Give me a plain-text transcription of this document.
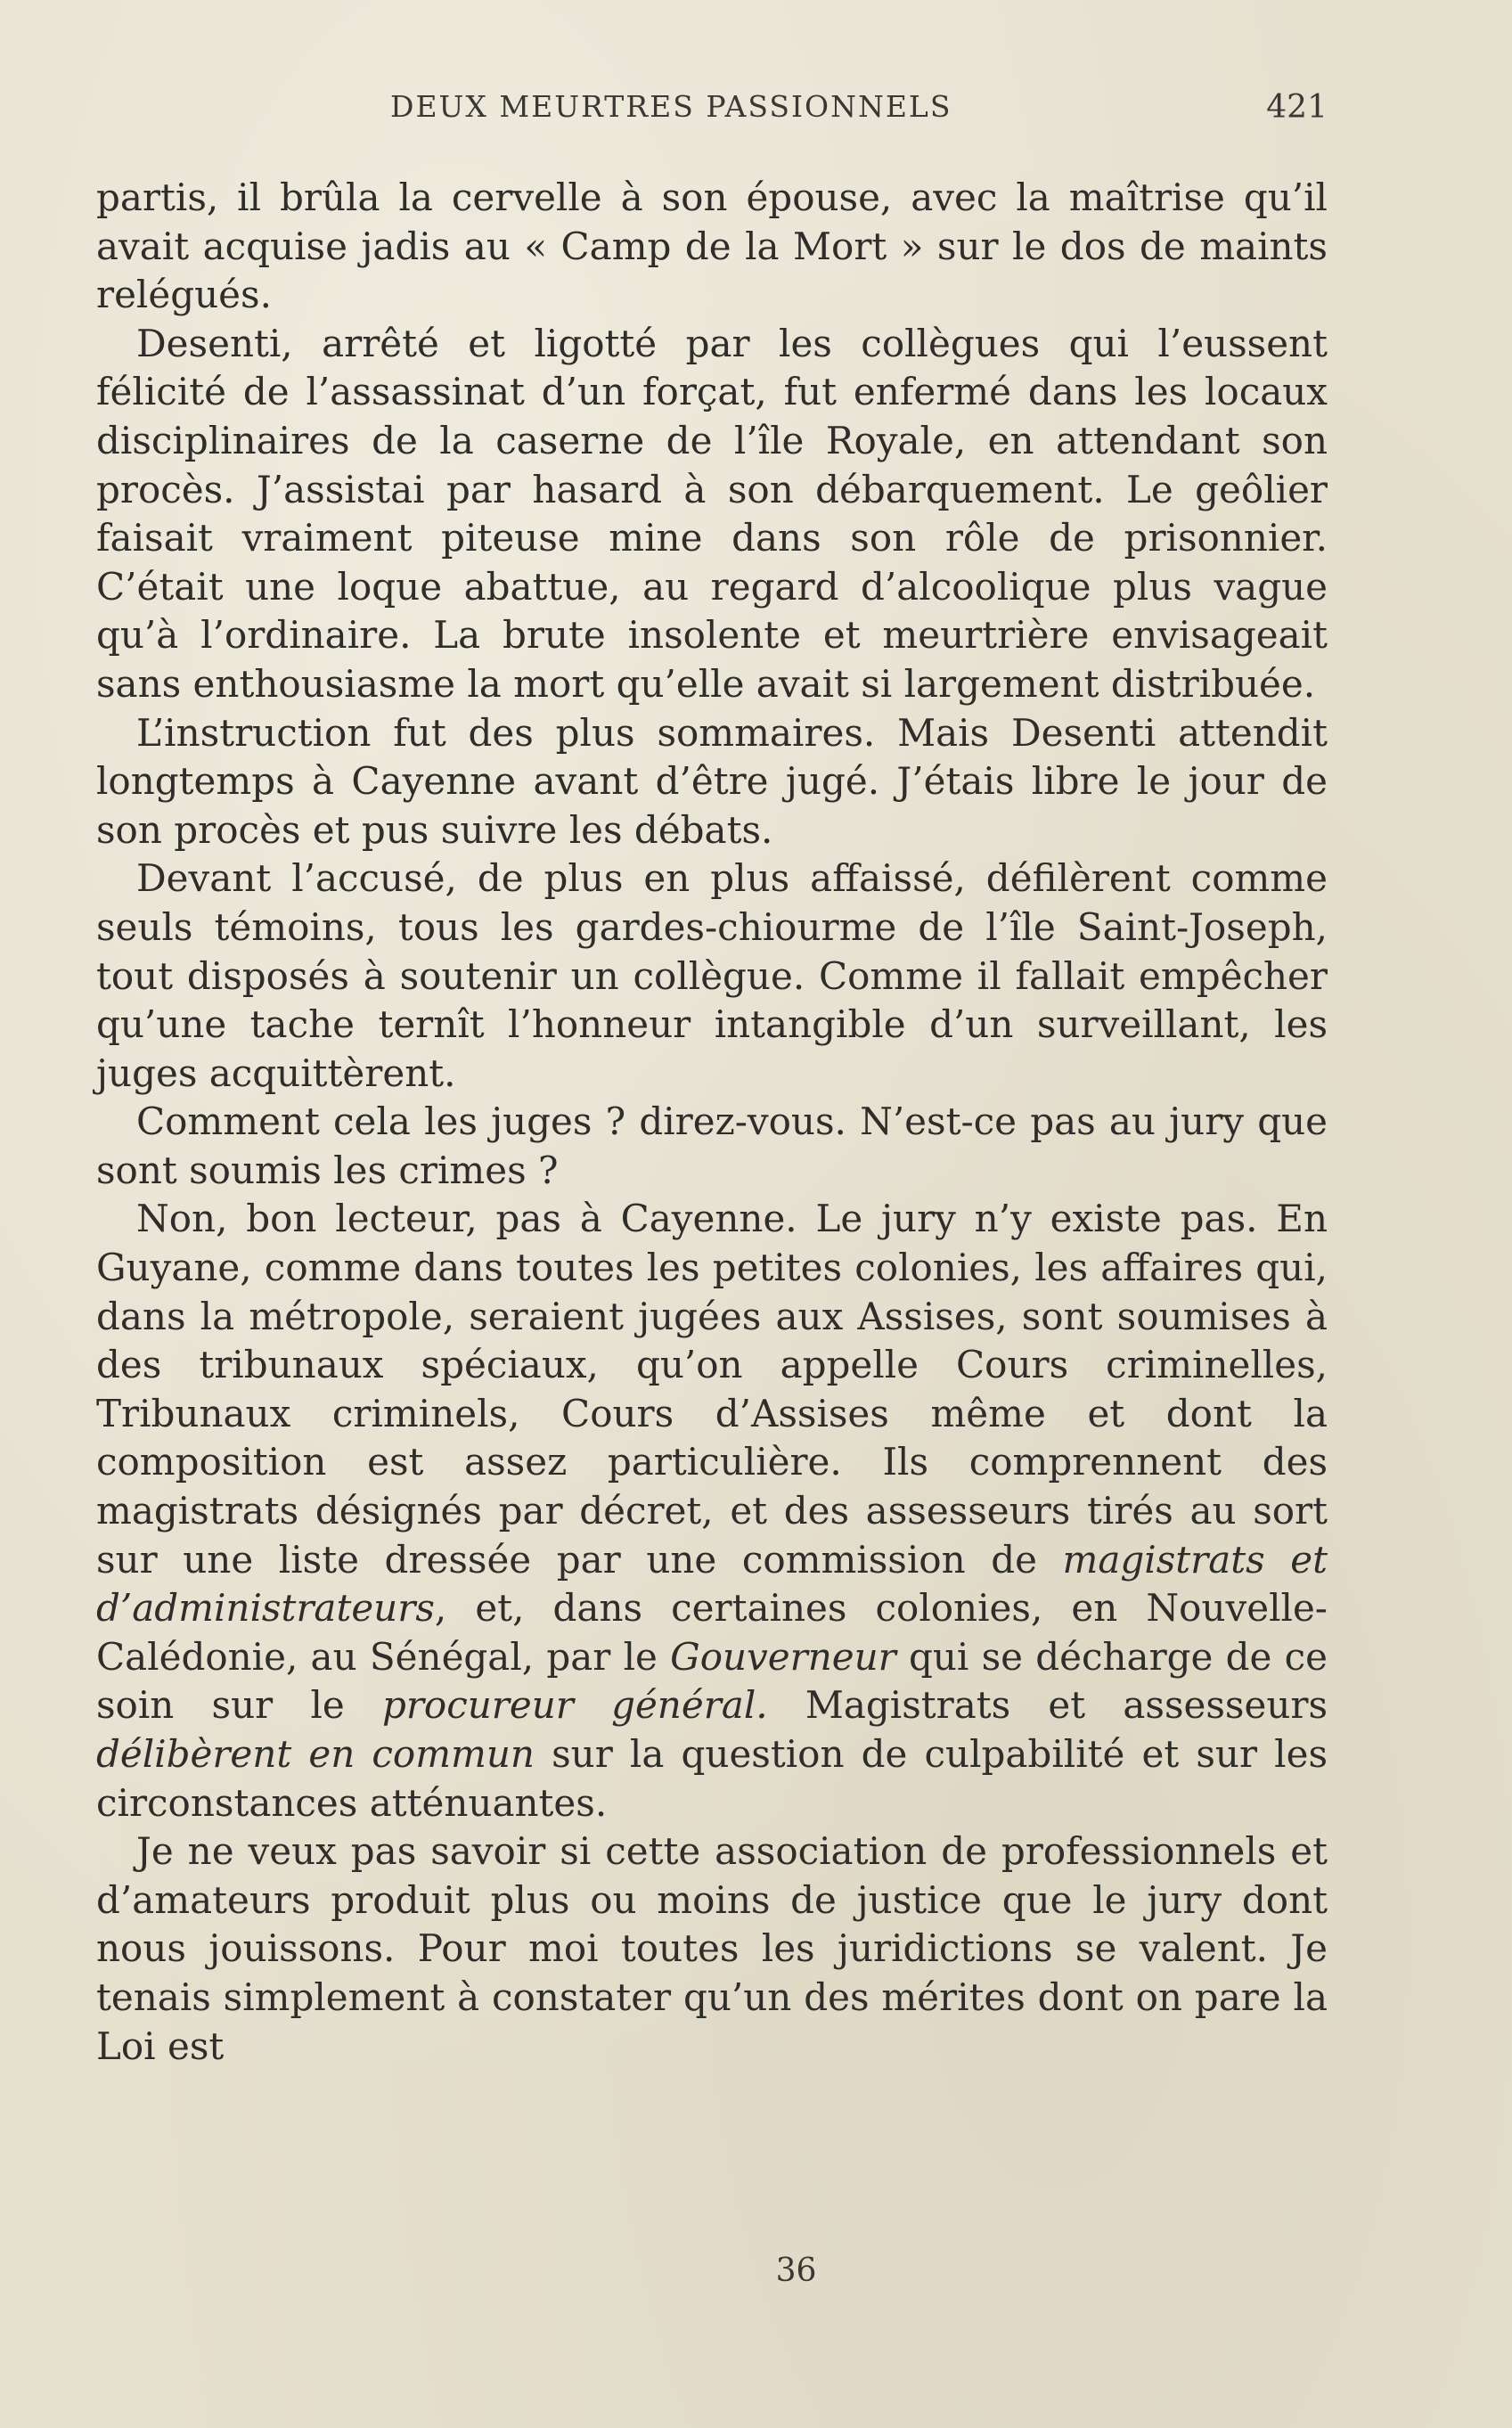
DEUX MEURTRES PASSIONNELS	421

partis, il brûla la cervelle à son épouse, avec la maîtrise qu’il avait acquise jadis au « Camp de la Mort » sur le dos de maints relégués.

Desenti, arrêté et ligotté par les collègues qui l’eussent félicité de l’assassinat d’un forçat, fut enfermé dans les locaux disciplinaires de la caserne de l’île Royale, en attendant son procès. J’assistai par hasard à son débarquement. Le geôlier faisait vraiment piteuse mine dans son rôle de prisonnier. C’était une loque abattue, au regard d’alcoolique plus vague qu’à l’ordinaire. La brute insolente et meurtrière envisageait sans enthousiasme la mort qu’elle avait si largement distribuée.

L’instruction fut des plus sommaires. Mais Desenti attendit longtemps à Cayenne avant d’être jugé. J’étais libre le jour de son procès et pus suivre les débats.

Devant l’accusé, de plus en plus affaissé, défilèrent comme seuls témoins, tous les gardes-chiourme de l’île Saint-Joseph, tout disposés à soutenir un collègue. Comme il fallait empêcher qu’une tache ternît l’honneur intangible d’un surveillant, les juges acquittèrent.

Comment cela les juges ? direz-vous. N’est-ce pas au jury que sont soumis les crimes ?

Non, bon lecteur, pas à Cayenne. Le jury n’y existe pas. En Guyane, comme dans toutes les petites colonies, les affaires qui, dans la métropole, seraient jugées aux Assises, sont soumises à des tribunaux spéciaux, qu’on appelle Cours criminelles, Tribunaux criminels, Cours d’Assises même et dont la composition est assez particulière. Ils comprennent des magistrats désignés par décret, et des assesseurs tirés au sort sur une liste dressée par une commission de magistrats et d’administrateurs, et, dans certaines colonies, en Nouvelle-Calédonie, au Sénégal, par le Gouverneur qui se décharge de ce soin sur le procureur général. Magistrats et assesseurs délibèrent en commun sur la question de culpabilité et sur les circonstances atténuantes.

Je ne veux pas savoir si cette association de professionnels et d’amateurs produit plus ou moins de justice que le jury dont nous jouissons. Pour moi toutes les juridictions se valent. Je tenais simplement à constater qu’un des mérites dont on pare la Loi est

36
